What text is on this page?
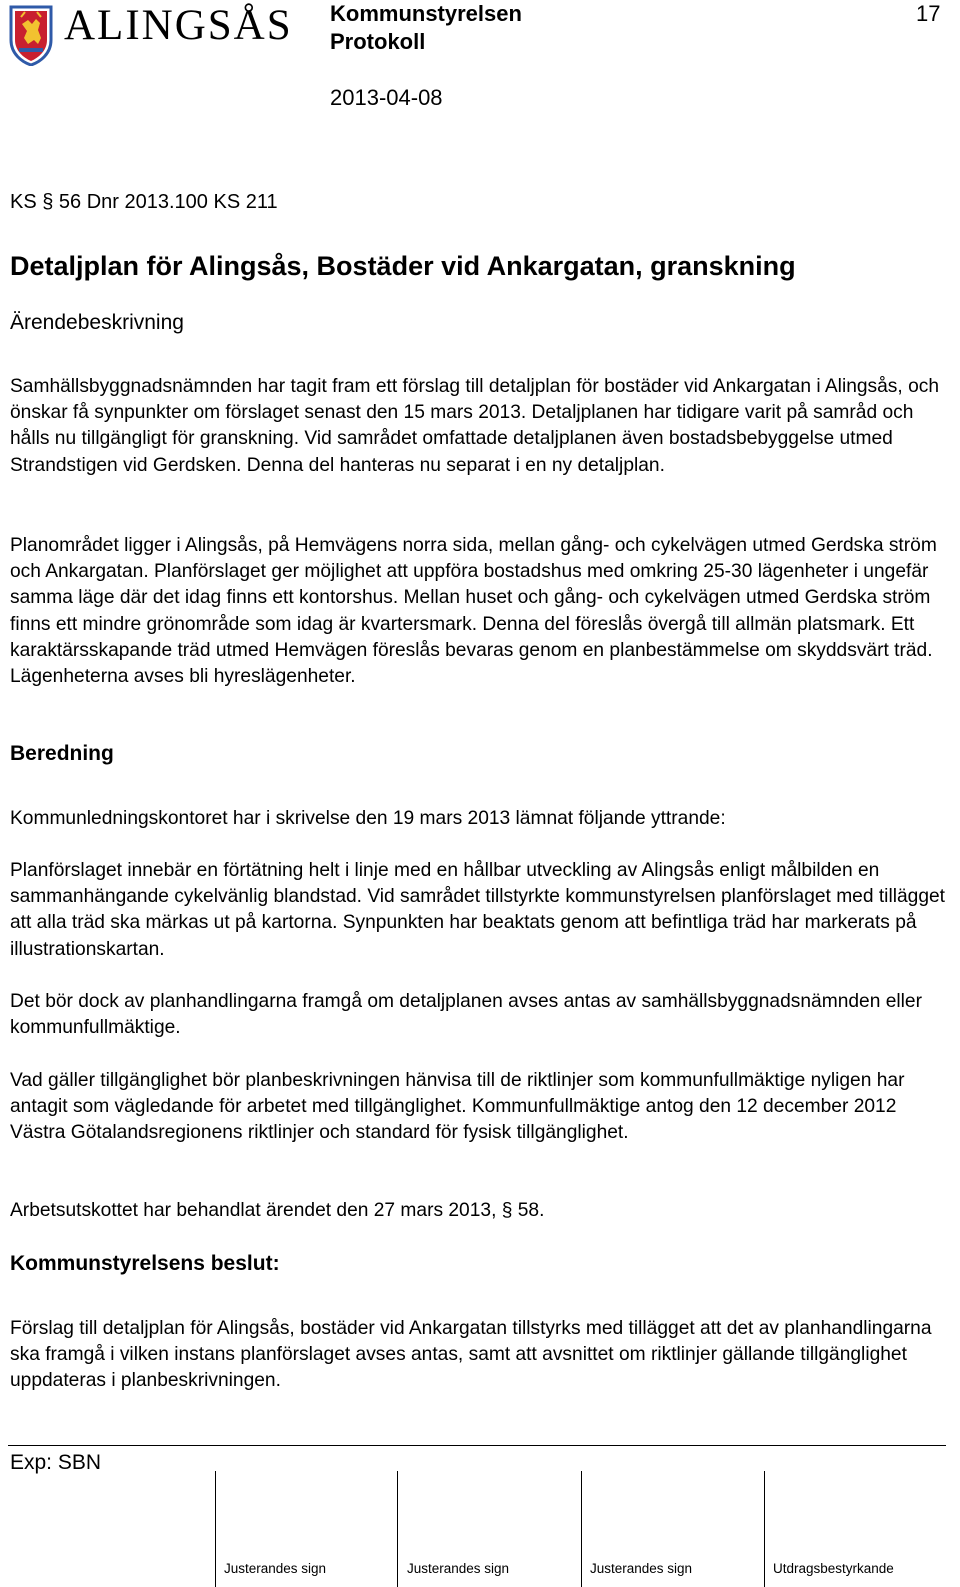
ALINGSÅS Kommunstyrelsen
Protokoll
2013-04-08
17
KS § 56 Dnr 2013.100 KS 211
Detaljplan för Alingsås, Bostäder vid Ankargatan, granskning
Ärendebeskrivning
Samhällsbyggnadsnämnden har tagit fram ett förslag till detaljplan för bostäder vid Ankargatan i Alingsås, och önskar få synpunkter om förslaget senast den 15 mars 2013. Detaljplanen har tidigare varit på samråd och hålls nu tillgängligt för granskning. Vid samrådet omfattade detaljplanen även bostadsbebyggelse utmed Strandstigen vid Gerdsken. Denna del hanteras nu separat i en ny detaljplan.
Planområdet ligger i Alingsås, på Hemvägens norra sida, mellan gång- och cykelvägen utmed Gerdska ström och Ankargatan. Planförslaget ger möjlighet att uppföra bostadshus med omkring 25-30 lägenheter i ungefär samma läge där det idag finns ett kontorshus. Mellan huset och gång- och cykelvägen utmed Gerdska ström finns ett mindre grönområde som idag är kvartersmark. Denna del föreslås övergå till allmän platsmark. Ett karaktärsskapande träd utmed Hemvägen föreslås bevaras genom en planbestämmelse om skyddsvärt träd. Lägenheterna avses bli hyreslägenheter.
Beredning
Kommunledningskontoret har i skrivelse den 19 mars 2013 lämnat följande yttrande:
Planförslaget innebär en förtätning helt i linje med en hållbar utveckling av Alingsås enligt målbilden en sammanhängande cykelvänlig blandstad. Vid samrådet tillstyrkte kommunstyrelsen planförslaget med tillägget att alla träd ska märkas ut på kartorna. Synpunkten har beaktats genom att befintliga träd har markerats på illustrationskartan.
Det bör dock av planhandlingarna framgå om detaljplanen avses antas av samhällsbyggnadsnämnden eller kommunfullmäktige.
Vad gäller tillgänglighet bör planbeskrivningen hänvisa till de riktlinjer som kommunfullmäktige nyligen har antagit som vägledande för arbetet med tillgänglighet. Kommunfullmäktige antog den 12 december 2012 Västra Götalandsregionens riktlinjer och standard för fysisk tillgänglighet.
Arbetsutskottet har behandlat ärendet den 27 mars 2013, § 58.
Kommunstyrelsens beslut:
Förslag till detaljplan för Alingsås, bostäder vid Ankargatan tillstyrks med tillägget att det av planhandlingarna ska framgå i vilken instans planförslaget avses antas, samt att avsnittet om riktlinjer gällande tillgänglighet uppdateras i planbeskrivningen.
Exp: SBN
Justerandes sign	Justerandes sign	Justerandes sign	Utdragsbestyrkande
